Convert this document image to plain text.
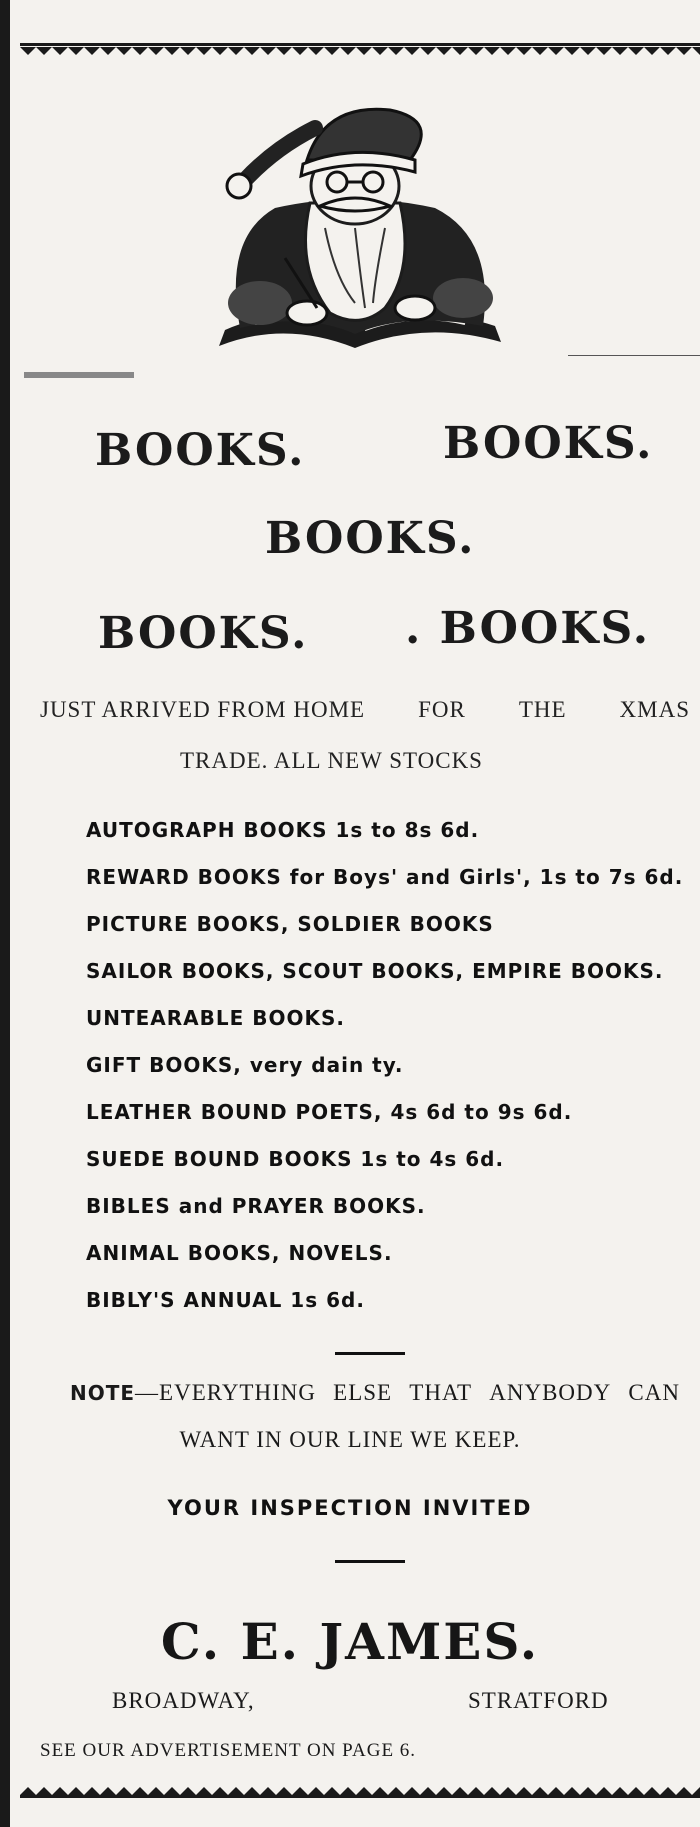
BOOKS.	BOOKS.
BOOKS.
BOOKS. . BOOKS.
JUST ARRIVED FROM HOME FOR THE XMAS
TRADE. ALL NEW STOCKS
AUTOGRAPH BOOKS 1s to 8s 6d.
REWARD BOOKS for Boys' and Girls', 1s to 7s 6d.
PICTURE BOOKS, SOLDIER BOOKS
SAILOR BOOKS, SCOUT BOOKS, EMPIRE BOOKS.
UNTEARABLE BOOKS.
GIFT BOOKS, very dain ty.
LEATHER BOUND POETS, 4s 6d to 9s 6d.
SUEDE BOUND BOOKS 1s to 4s 6d.
BIBLES and PRAYER BOOKS.
ANIMAL BOOKS, NOVELS.
BIBLY'S ANNUAL 1s 6d.
NOTE—EVERYTHING ELSE THAT ANYBODY CAN
WANT IN OUR LINE WE KEEP.
YOUR INSPECTION INVITED
C. E. JAMES.
BROADWAY,	STRATFORD
SEE OUR ADVERTISEMENT ON PAGE 6.
